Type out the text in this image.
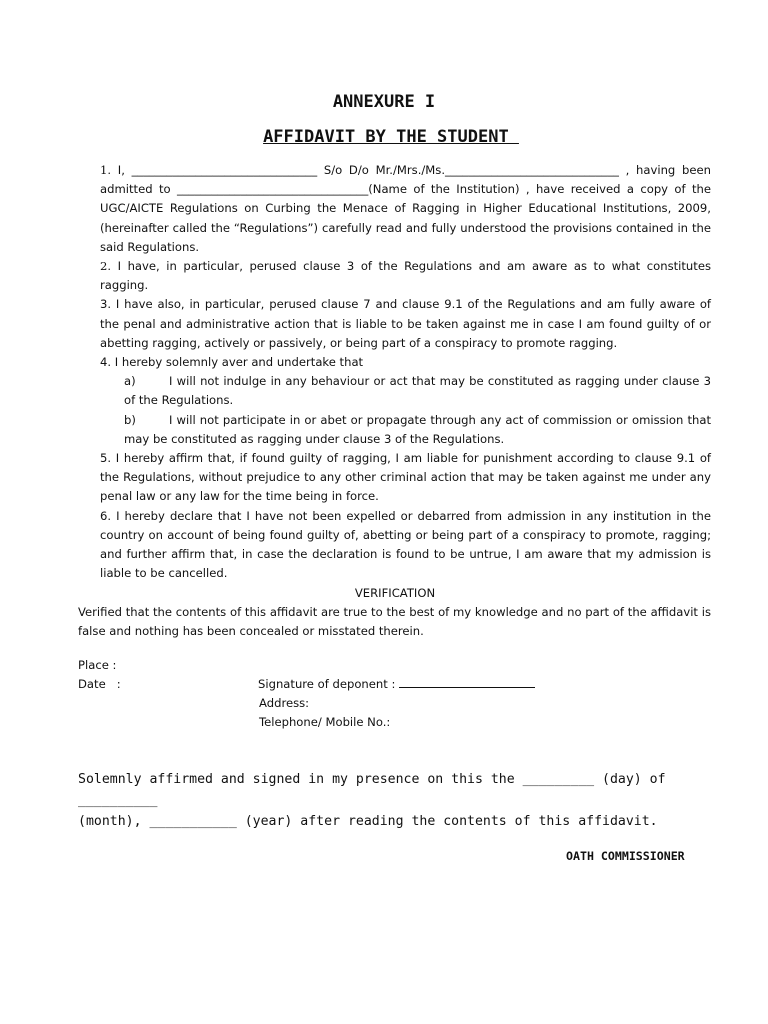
ANNEXURE I
AFFIDAVIT BY THE STUDENT

1. I, ________________________________ S/o D/o Mr./Mrs./Ms.______________________________ , having been admitted to _________________________________(Name of the Institution) , have received a copy of the UGC/AICTE Regulations on Curbing the Menace of Ragging in Higher Educational Institutions, 2009, (hereinafter called the “Regulations”) carefully read and fully understood the provisions contained in the said Regulations.

2. I have, in particular, perused clause 3 of the Regulations and am aware as to what constitutes ragging.

3. I have also, in particular, perused clause 7 and clause 9.1 of the Regulations and am fully aware of the penal and administrative action that is liable to be taken against me in case I am found guilty of or abetting ragging, actively or passively, or being part of a conspiracy to promote ragging.

4. I hereby solemnly aver and undertake that

a)	I will not indulge in any behaviour or act that may be constituted as ragging under clause 3 of the Regulations.

b)	I will not participate in or abet or propagate through any act of commission or omission that may be constituted as ragging under clause 3 of the Regulations.

5. I hereby affirm that, if found guilty of ragging, I am liable for punishment according to clause 9.1 of the Regulations, without prejudice to any other criminal action that may be taken against me under any penal law or any law for the time being in force.

6. I hereby declare that I have not been expelled or debarred from admission in any institution in the country on account of being found guilty of, abetting or being part of a conspiracy to promote, ragging; and further affirm that, in case the declaration is found to be untrue, I am aware that my admission is liable to be cancelled.

VERIFICATION

Verified that the contents of this affidavit are true to the best of my knowledge and no part of the affidavit is false and nothing has been concealed or misstated therein.

Place :
Date   :	Signature of deponent :
Address:
Telephone/ Mobile No.:

Solemnly affirmed and signed in my presence on this the _________ (day) of __________

(month), ___________ (year) after reading the contents of this affidavit.

OATH COMMISSIONER
